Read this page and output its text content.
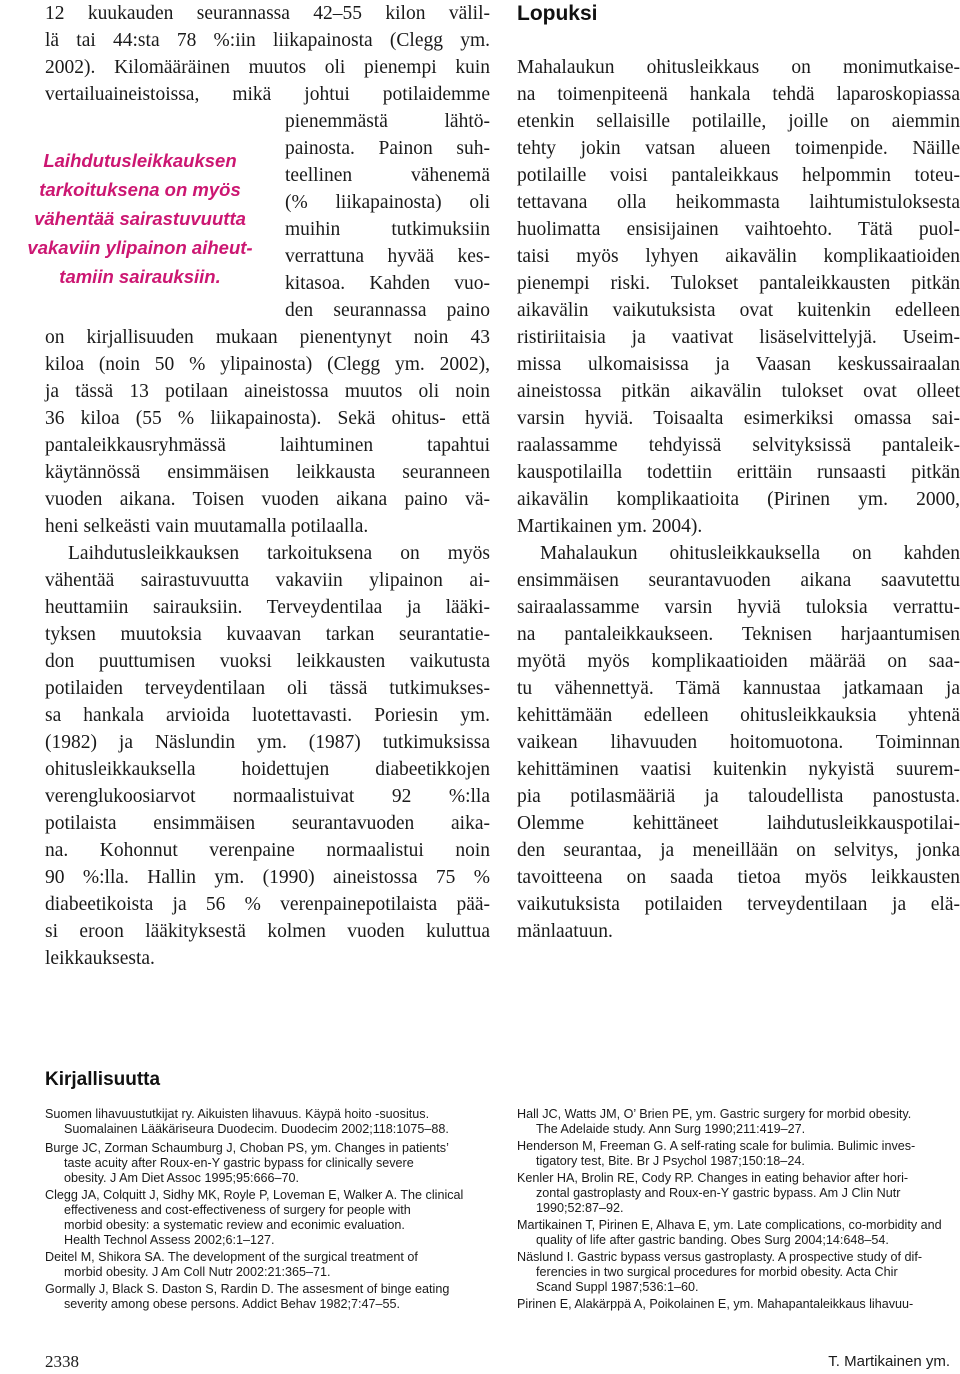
12 kuukauden seurannassa 42–55 kilon välil-
lä tai 44:sta 78 %:iin liikapainosta (Clegg ym.
2002). Kilomääräinen muutos oli pienempi kuin
vertailuaineistoissa, mikä johtui potilaidemme
pienemmästä lähtö-
painosta. Painon suh-
teellinen vähenemä
(% liikapainosta) oli
muihin tutkimuksiin
verrattuna hyvää kes-
kitasoa. Kahden vuo-
den seurannassa paino
Laihdutusleikkauksen
tarkoituksena on myös
vähentää sairastuvuutta
vakaviin ylipainon aiheut-
tamiin sairauksiin.
on kirjallisuuden mukaan pienentynyt noin 43
kiloa (noin 50 % ylipainosta) (Clegg ym. 2002),
ja tässä 13 potilaan aineistossa muutos oli noin
36 kiloa (55 % liikapainosta). Sekä ohitus- että
pantaleikkausryhmässä laihtuminen tapahtui
käytännössä ensimmäisen leikkausta seuranneen
vuoden aikana. Toisen vuoden aikana paino vä-
heni selkeästi vain muutamalla potilaalla.
Laihdutusleikkauksen tarkoituksena on myös
vähentää sairastuvuutta vakaviin ylipainon ai-
heuttamiin sairauksiin. Terveydentilaa ja lääki-
tyksen muutoksia kuvaavan tarkan seurantatie-
don puuttumisen vuoksi leikkausten vaikutusta
potilaiden terveydentilaan oli tässä tutkimukses-
sa hankala arvioida luotettavasti. Poriesin ym.
(1982) ja Näslundin ym. (1987) tutkimuksissa
ohitusleikkauksella hoidettujen diabeetikkojen
verenglukoosiarvot normaalistuivat 92 %:lla
potilaista ensimmäisen seurantavuoden aika-
na. Kohonnut verenpaine normaalistui noin
90 %:lla. Hallin ym. (1990) aineistossa 75 %
diabeetikoista ja 56 % verenpainepotilaista pää-
si eroon lääkityksestä kolmen vuoden kuluttua
leikkauksesta.
Lopuksi
Mahalaukun ohitusleikkaus on monimutkaise-
na toimenpiteenä hankala tehdä laparoskopiassa
etenkin sellaisille potilaille, joille on aiemmin
tehty jokin vatsan alueen toimenpide. Näille
potilaille voisi pantaleikkaus helpommin toteu-
tettavana olla heikommasta laihtumistuloksesta
huolimatta ensisijainen vaihtoehto. Tätä puol-
taisi myös lyhyen aikavälin komplikaatioiden
pienempi riski. Tulokset pantaleikkausten pitkän
aikavälin vaikutuksista ovat kuitenkin edelleen
ristiriitaisia ja vaativat lisäselvittelyjä. Useim-
missa ulkomaisissa ja Vaasan keskussairaalan
aineistossa pitkän aikavälin tulokset ovat olleet
varsin hyviä. Toisaalta esimerkiksi omassa sai-
raalassamme tehdyissä selvityksissä pantaleik-
kauspotilailla todettiin erittäin runsaasti pitkän
aikavälin komplikaatioita (Pirinen ym. 2000,
Martikainen ym. 2004).
Mahalaukun ohitusleikkauksella on kahden
ensimmäisen seurantavuoden aikana saavutettu
sairaalassamme varsin hyviä tuloksia verrattu-
na pantaleikkaukseen. Teknisen harjaantumisen
myötä myös komplikaatioiden määrää on saa-
tu vähennettyä. Tämä kannustaa jatkamaan ja
kehittämään edelleen ohitusleikkauksia yhtenä
vaikean lihavuuden hoitomuotona. Toiminnan
kehittäminen vaatisi kuitenkin nykyistä suurem-
pia potilasmääriä ja taloudellista panostusta.
Olemme kehittäneet laihdutusleikkauspotilai-
den seurantaa, ja meneillään on selvitys, jonka
tavoitteena on saada tietoa myös leikkausten
vaikutuksista potilaiden terveydentilaan ja elä-
mänlaatuun.
Kirjallisuutta
Suomen lihavuustutkijat ry. Aikuisten lihavuus. Käypä hoito -suositus.
Suomalainen Lääkäriseura Duodecim. Duodecim 2002;118:1075–88.
Burge JC, Zorman Schaumburg J, Choban PS, ym. Changes in patients’
taste acuity after Roux-en-Y gastric bypass for clinically severe
obesity. J Am Diet Assoc 1995;95:666–70.
Clegg JA, Colquitt J, Sidhy MK, Royle P, Loveman E, Walker A. The clinical
effectiveness and cost-effectiveness of surgery for people with
morbid obesity: a systematic review and econimic evaluation.
Health Technol Assess 2002;6:1–127.
Deitel M, Shikora SA. The development of the surgical treatment of
morbid obesity. J Am Coll Nutr 2002:21:365–71.
Gormally J, Black S. Daston S, Rardin D. The assesment of binge eating
severity among obese persons. Addict Behav 1982;7:47–55.
Hall JC, Watts JM, O’ Brien PE, ym. Gastric surgery for morbid obesity.
The Adelaide study. Ann Surg 1990;211:419–27.
Henderson M, Freeman G. A self-rating scale for bulimia. Bulimic inves-
tigatory test, Bite. Br J Psychol 1987;150:18–24.
Kenler HA, Brolin RE, Cody RP. Changes in eating behavior after hori-
zontal gastroplasty and Roux-en-Y gastric bypass. Am J Clin Nutr
1990;52:87–92.
Martikainen T, Pirinen E, Alhava E, ym. Late complications, co-morbidity and
quality of life after gastric banding. Obes Surg 2004;14:648–54.
Näslund I. Gastric bypass versus gastroplasty. A prospective study of dif-
ferencies in two surgical procedures for morbid obesity. Acta Chir
Scand Suppl 1987;536:1–60.
Pirinen E, Alakärppä A, Poikolainen E, ym. Mahapantaleikkaus lihavuu-
2338	T. Martikainen ym.
